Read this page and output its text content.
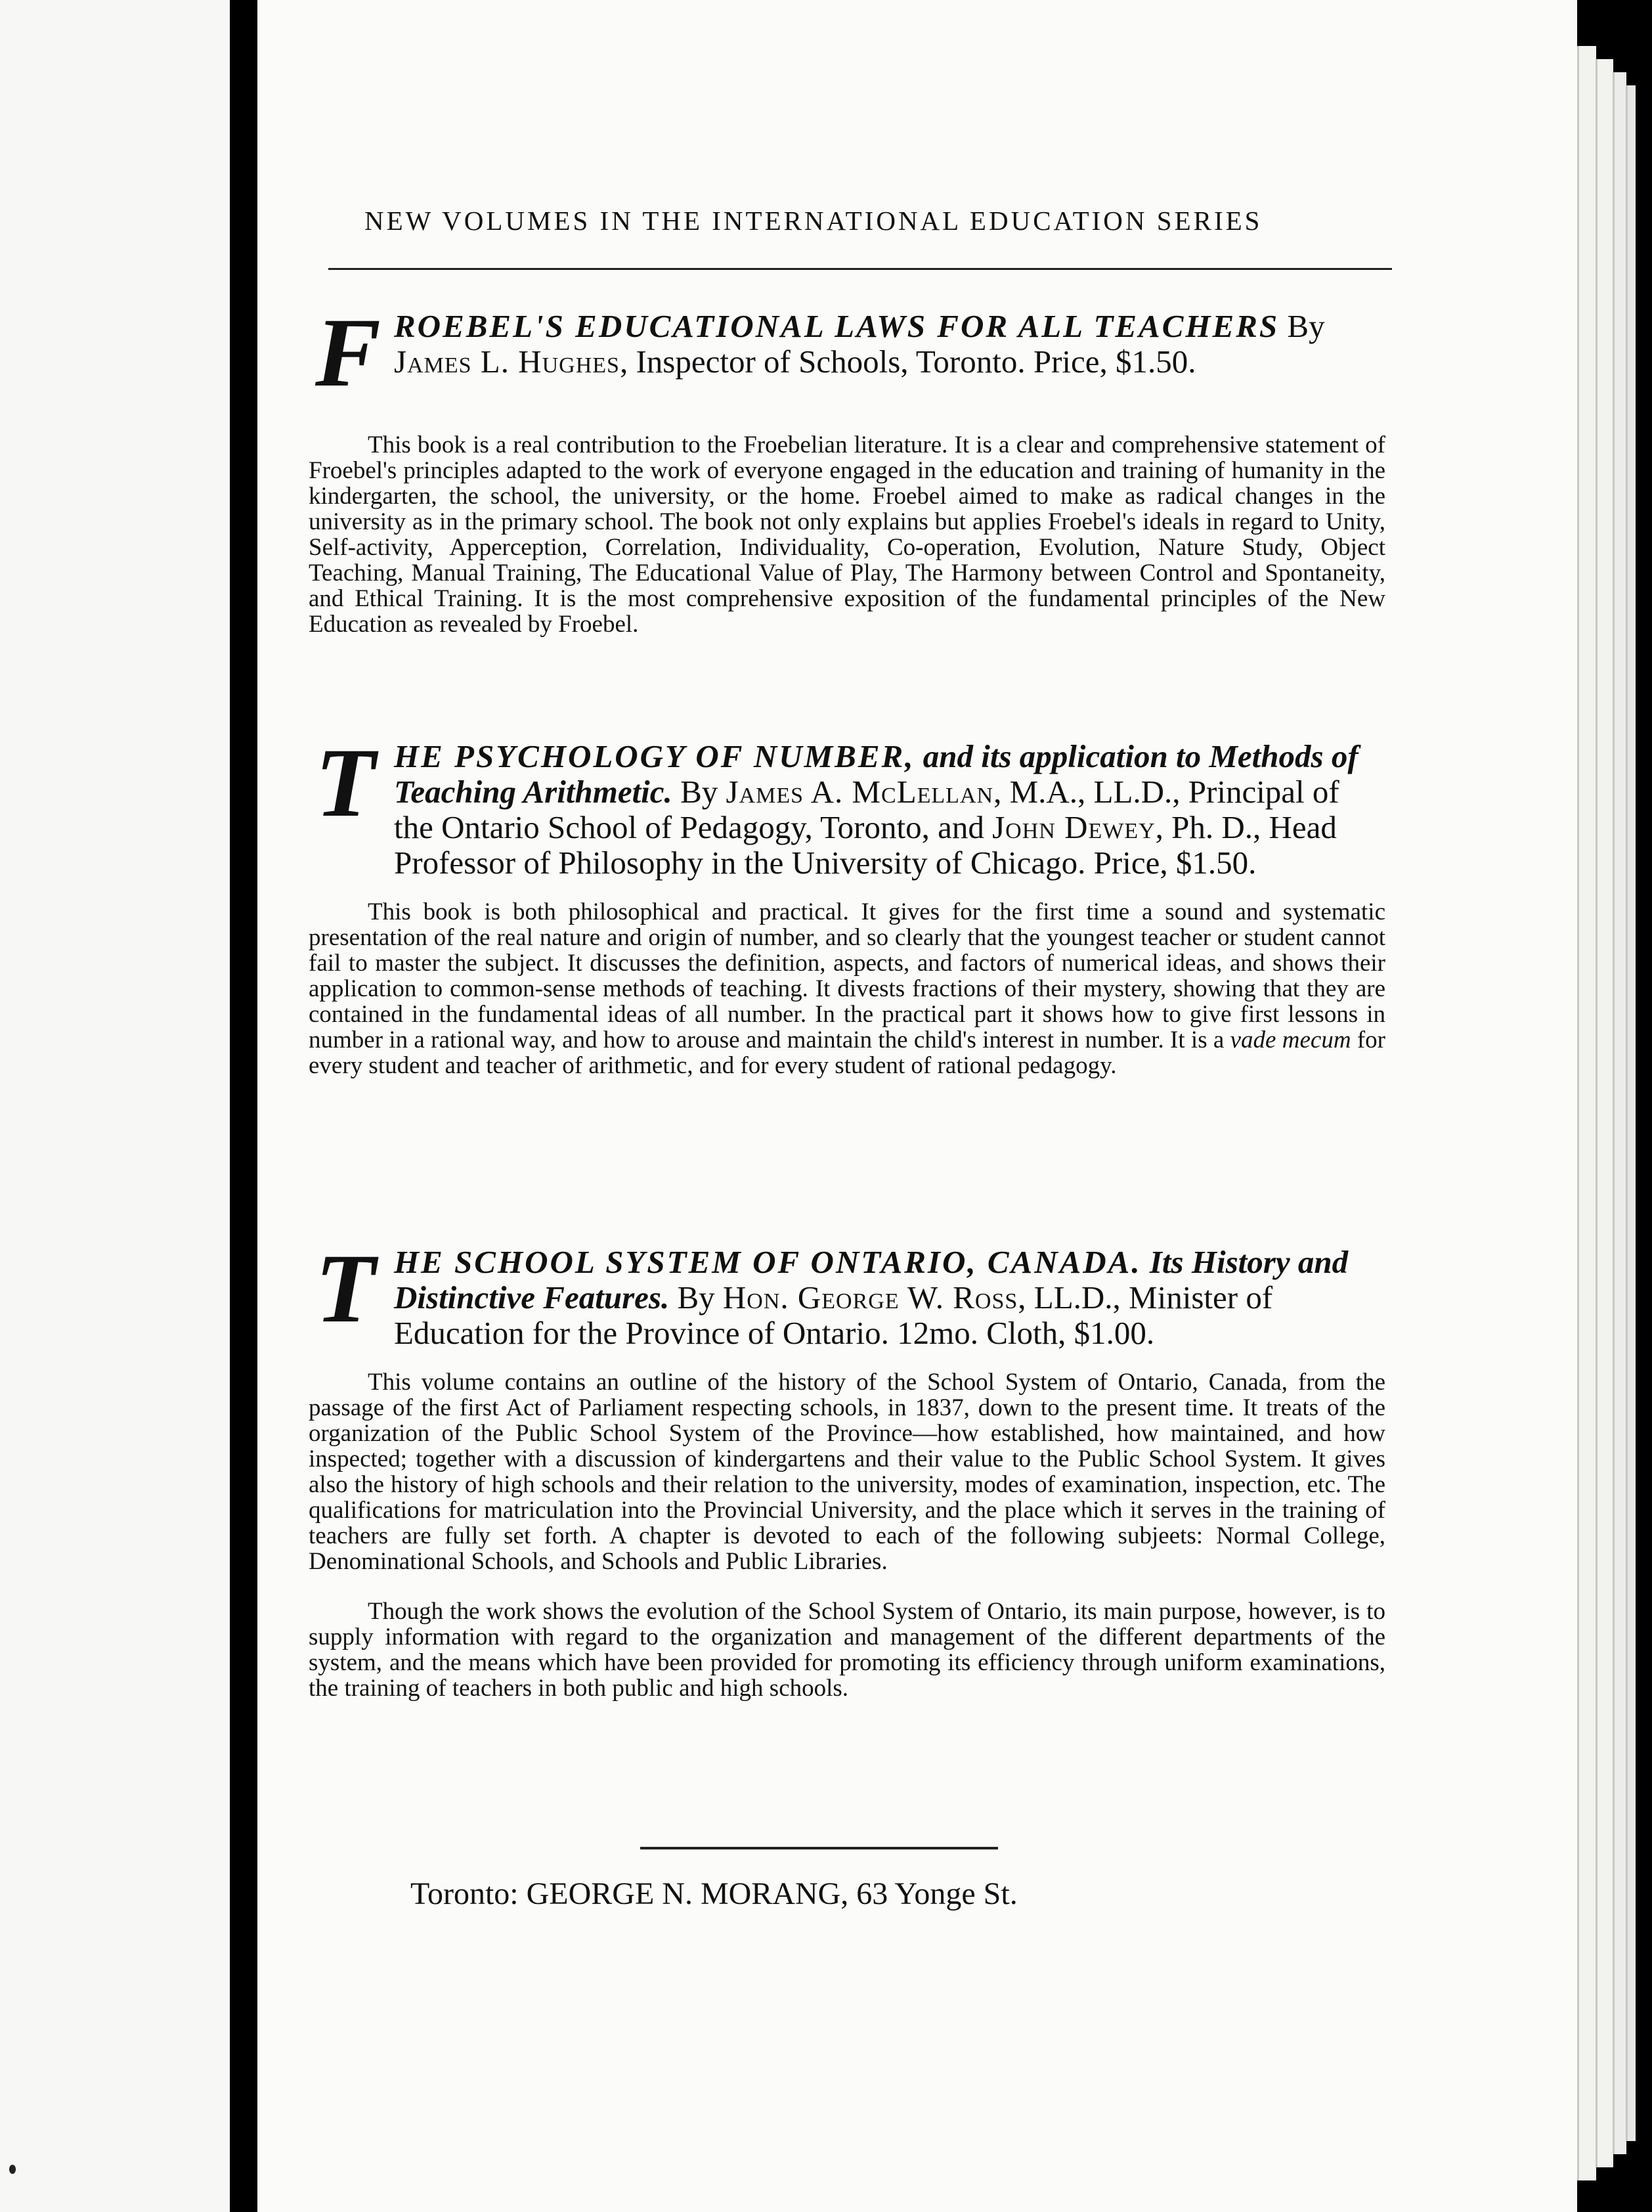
NEW VOLUMES IN THE INTERNATIONAL EDUCATION SERIES
F ROEBEL'S EDUCATIONAL LAWS FOR ALL TEACHERS By James L. Hughes, Inspector of Schools, Toronto. Price, $1.50.

This book is a real contribution to the Froebelian literature. It is a clear and comprehensive statement of Froebel's principles adapted to the work of everyone engaged in the education and training of humanity in the kindergarten, the school, the university, or the home. Froebel aimed to make as radical changes in the university as in the primary school. The book not only explains but applies Froebel's ideals in regard to Unity, Self-activity, Apperception, Correlation, Individuality, Co-operation, Evolution, Nature Study, Object Teaching, Manual Training, The Educational Value of Play, The Harmony between Control and Spontaneity, and Ethical Training. It is the most comprehensive exposition of the fundamental principles of the New Education as revealed by Froebel.

T HE PSYCHOLOGY OF NUMBER, and its application to Methods of Teaching Arithmetic. By James A. McLellan, M.A., LL.D., Principal of the Ontario School of Pedagogy, Toronto, and John Dewey, Ph. D., Head Professor of Philosophy in the University of Chicago. Price, $1.50.

This book is both philosophical and practical. It gives for the first time a sound and systematic presentation of the real nature and origin of number, and so clearly that the youngest teacher or student cannot fail to master the subject. It discusses the definition, aspects, and factors of numerical ideas, and shows their application to common-sense methods of teaching. It divests fractions of their mystery, showing that they are contained in the fundamental ideas of all number. In the practical part it shows how to give first lessons in number in a rational way, and how to arouse and maintain the child's interest in number. It is a vade mecum for every student and teacher of arithmetic, and for every student of rational pedagogy.

T HE SCHOOL SYSTEM OF ONTARIO, CANADA. Its History and Distinctive Features. By Hon. George W. Ross, LL.D., Minister of Education for the Province of Ontario. 12mo. Cloth, $1.00.

This volume contains an outline of the history of the School System of Ontario, Canada, from the passage of the first Act of Parliament respecting schools, in 1837, down to the present time. It treats of the organization of the Public School System of the Province—how established, how maintained, and how inspected; together with a discussion of kindergartens and their value to the Public School System. It gives also the history of high schools and their relation to the university, modes of examination, inspection, etc. The qualifications for matriculation into the Provincial University, and the place which it serves in the training of teachers are fully set forth. A chapter is devoted to each of the following subjeets: Normal College, Denominational Schools, and Schools and Public Libraries.

Though the work shows the evolution of the School System of Ontario, its main purpose, however, is to supply information with regard to the organization and management of the different departments of the system, and the means which have been provided for promoting its efficiency through uniform examinations, the training of teachers in both public and high schools.

Toronto: GEORGE N. MORANG, 63 Yonge St.
